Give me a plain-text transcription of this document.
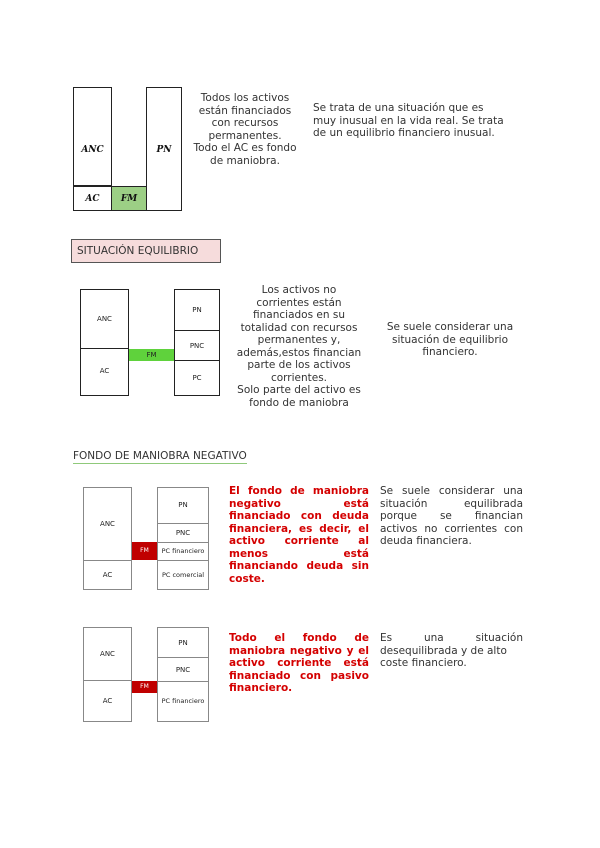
ANC
AC	FM
PN
Todos los activos
están financiados
con recursos
permanentes.
Todo el AC es fondo
de maniobra.
Se trata de una situación que es
muy inusual en la vida real. Se trata
de un equilibrio financiero inusual.
SITUACIÓN EQUILIBRIO
ANC
AC
FM
PN
PNC
PC
Los activos no
corrientes están
financiados en su
totalidad con recursos
permanentes y,
además,estos financian
parte de los activos
corrientes.
Solo parte del activo es
fondo de maniobra
Se suele considerar una
situación de equilibrio
financiero.
FONDO DE MANIOBRA NEGATIVO
ANC
AC
FM
PN
PNC
PC financiero
PC comercial
El fondo de maniobra negativo está financiado con deuda financiera, es decir, el activo corriente al menos está financiando deuda sin coste.
Se suele considerar una situación equilibrada porque se financian activos no corrientes con deuda financiera.
ANC
AC
FM
PN
PNC
PC financiero
Todo el fondo de maniobra negativo y el activo corriente está financiado con pasivo financiero.
Es una situación
desequilibrada y de alto
coste financiero.
